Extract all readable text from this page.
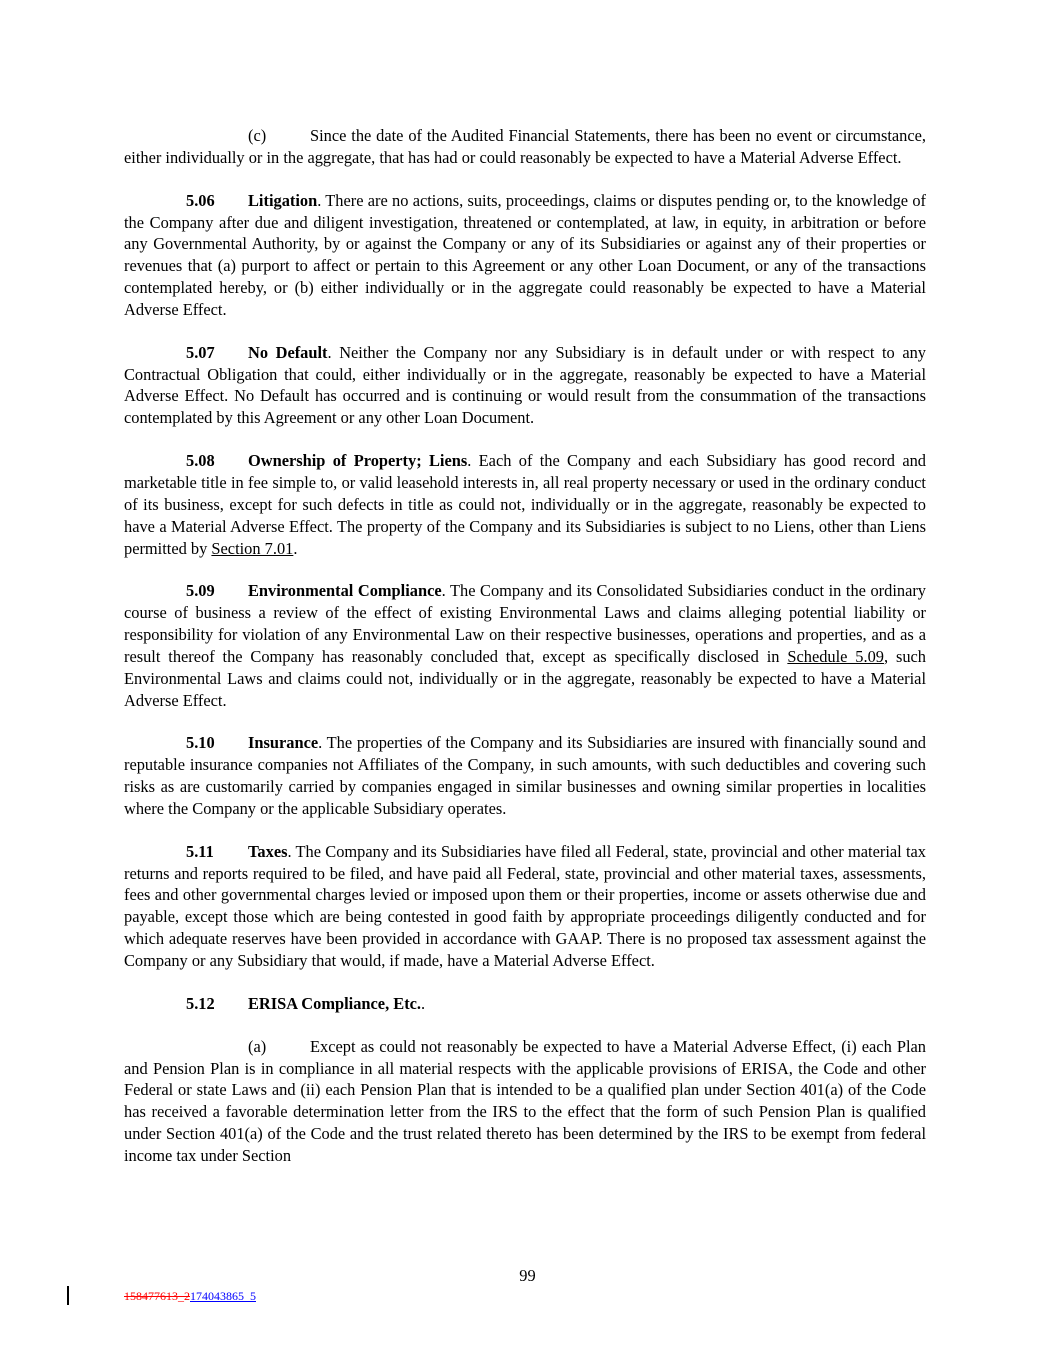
(c)	Since the date of the Audited Financial Statements, there has been no event or circumstance, either individually or in the aggregate, that has had or could reasonably be expected to have a Material Adverse Effect.

5.06 Litigation. There are no actions, suits, proceedings, claims or disputes pending or, to the knowledge of the Company after due and diligent investigation, threatened or contemplated, at law, in equity, in arbitration or before any Governmental Authority, by or against the Company or any of its Subsidiaries or against any of their properties or revenues that (a) purport to affect or pertain to this Agreement or any other Loan Document, or any of the transactions contemplated hereby, or (b) either individually or in the aggregate could reasonably be expected to have a Material Adverse Effect.

5.07 No Default. Neither the Company nor any Subsidiary is in default under or with respect to any Contractual Obligation that could, either individually or in the aggregate, reasonably be expected to have a Material Adverse Effect. No Default has occurred and is continuing or would result from the consummation of the transactions contemplated by this Agreement or any other Loan Document.

5.08 Ownership of Property; Liens. Each of the Company and each Subsidiary has good record and marketable title in fee simple to, or valid leasehold interests in, all real property necessary or used in the ordinary conduct of its business, except for such defects in title as could not, individually or in the aggregate, reasonably be expected to have a Material Adverse Effect. The property of the Company and its Subsidiaries is subject to no Liens, other than Liens permitted by Section 7.01.

5.09 Environmental Compliance. The Company and its Consolidated Subsidiaries conduct in the ordinary course of business a review of the effect of existing Environmental Laws and claims alleging potential liability or responsibility for violation of any Environmental Law on their respective businesses, operations and properties, and as a result thereof the Company has reasonably concluded that, except as specifically disclosed in Schedule 5.09, such Environmental Laws and claims could not, individually or in the aggregate, reasonably be expected to have a Material Adverse Effect.

5.10 Insurance. The properties of the Company and its Subsidiaries are insured with financially sound and reputable insurance companies not Affiliates of the Company, in such amounts, with such deductibles and covering such risks as are customarily carried by companies engaged in similar businesses and owning similar properties in localities where the Company or the applicable Subsidiary operates.

5.11 Taxes. The Company and its Subsidiaries have filed all Federal, state, provincial and other material tax returns and reports required to be filed, and have paid all Federal, state, provincial and other material taxes, assessments, fees and other governmental charges levied or imposed upon them or their properties, income or assets otherwise due and payable, except those which are being contested in good faith by appropriate proceedings diligently conducted and for which adequate reserves have been provided in accordance with GAAP. There is no proposed tax assessment against the Company or any Subsidiary that would, if made, have a Material Adverse Effect.

5.12 ERISA Compliance, Etc..

(a)	Except as could not reasonably be expected to have a Material Adverse Effect, (i) each Plan and Pension Plan is in compliance in all material respects with the applicable provisions of ERISA, the Code and other Federal or state Laws and (ii) each Pension Plan that is intended to be a qualified plan under Section 401(a) of the Code has received a favorable determination letter from the IRS to the effect that the form of such Pension Plan is qualified under Section 401(a) of the Code and the trust related thereto has been determined by the IRS to be exempt from federal income tax under Section

99
158477613_2174043865_5
